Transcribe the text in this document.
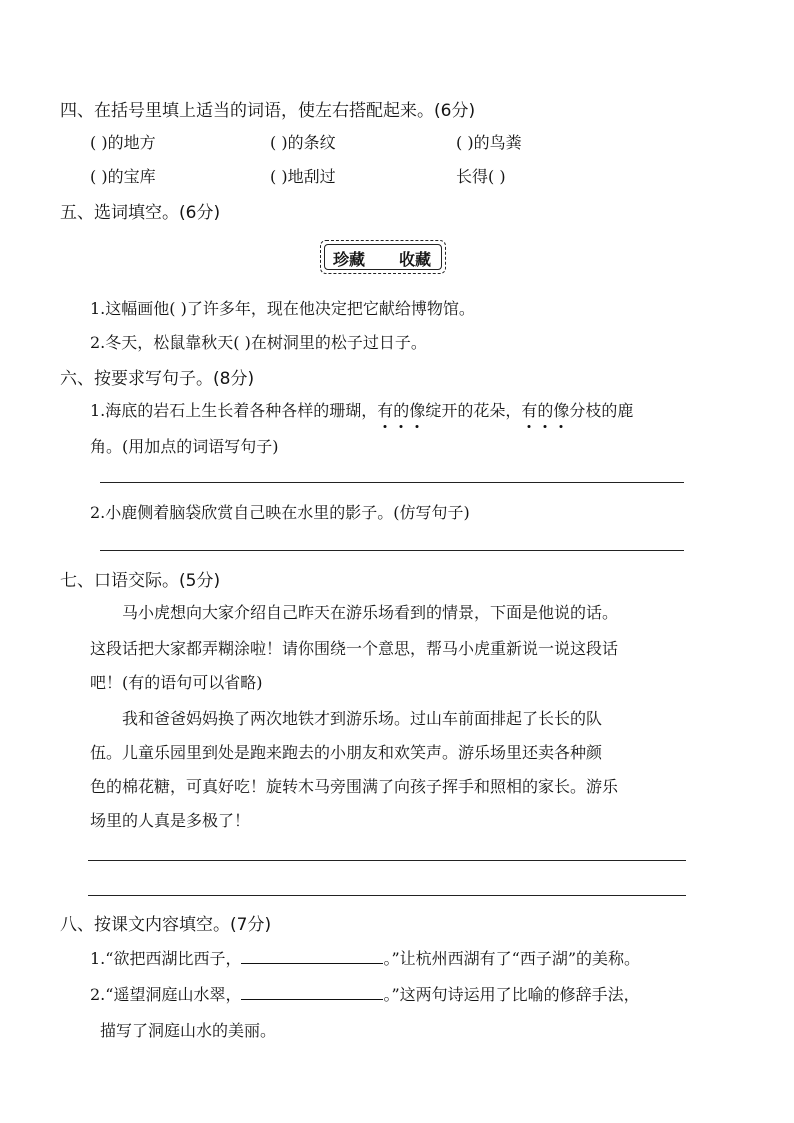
四、在括号里填上适当的词语，使左右搭配起来。(6分)
( )的地方	( )的条纹	( )的鸟粪
( )的宝库	( )地刮过	长得( )
五、选词填空。(6分)
珍藏 收藏
1.这幅画他( )了许多年，现在他决定把它献给博物馆。
2.冬天，松鼠靠秋天( )在树洞里的松子过日子。
六、按要求写句子。(8分)
1.海底的岩石上生长着各种各样的珊瑚，有的像绽开的花朵，有的像分枝的鹿
角。(用加点的词语写句子)
2.小鹿侧着脑袋欣赏自己映在水里的影子。(仿写句子)
七、口语交际。(5分)
马小虎想向大家介绍自己昨天在游乐场看到的情景，下面是他说的话。
这段话把大家都弄糊涂啦！请你围绕一个意思，帮马小虎重新说一说这段话
吧！(有的语句可以省略)
我和爸爸妈妈换了两次地铁才到游乐场。过山车前面排起了长长的队
伍。儿童乐园里到处是跑来跑去的小朋友和欢笑声。游乐场里还卖各种颜
色的棉花糖，可真好吃！旋转木马旁围满了向孩子挥手和照相的家长。游乐
场里的人真是多极了！
八、按课文内容填空。(7分)
1.“欲把西湖比西子，	。”让杭州西湖有了“西子湖”的美称。
2.“遥望洞庭山水翠，	。”这两句诗运用了比喻的修辞手法，
描写了洞庭山水的美丽。
